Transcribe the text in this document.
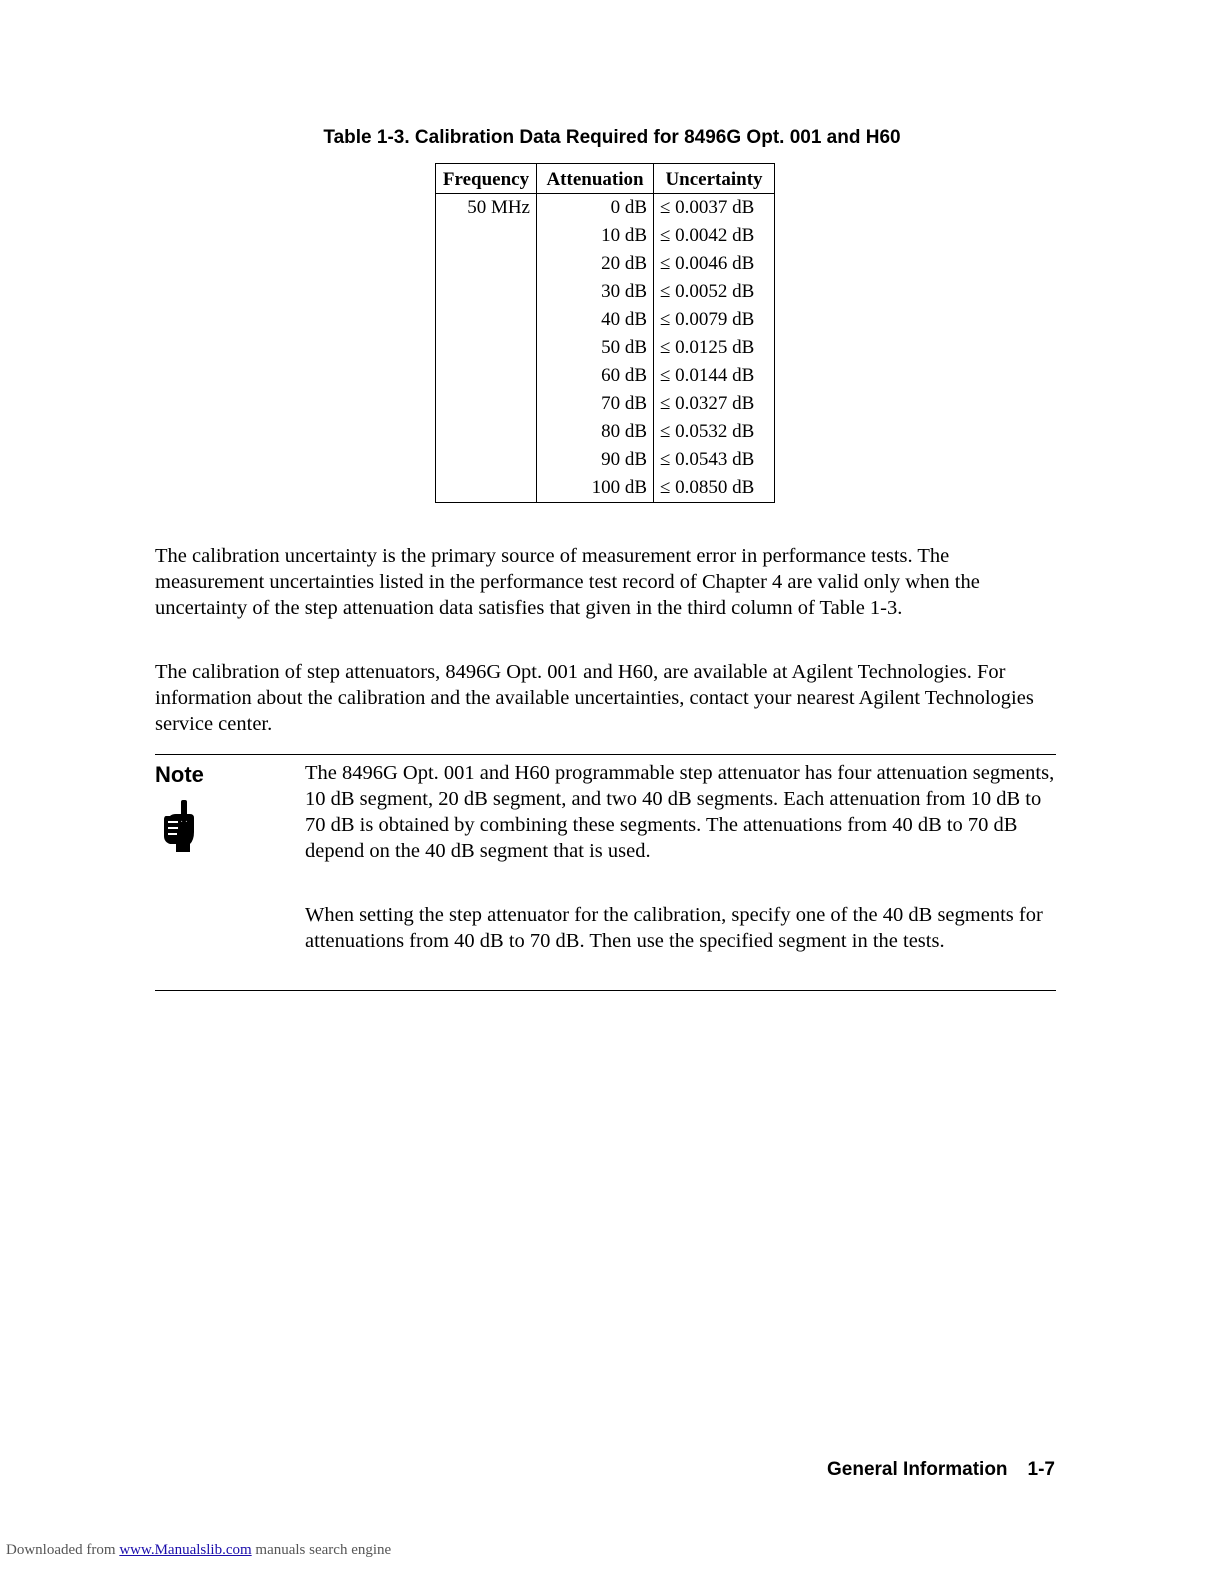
Table 1-3. Calibration Data Required for 8496G Opt. 001 and H60
Frequency	Attenuation	Uncertainty
50 MHz	0 dB	≤ 0.0037 dB
	10 dB	≤ 0.0042 dB
	20 dB	≤ 0.0046 dB
	30 dB	≤ 0.0052 dB
	40 dB	≤ 0.0079 dB
	50 dB	≤ 0.0125 dB
	60 dB	≤ 0.0144 dB
	70 dB	≤ 0.0327 dB
	80 dB	≤ 0.0532 dB
	90 dB	≤ 0.0543 dB
	100 dB	≤ 0.0850 dB

The calibration uncertainty is the primary source of measurement error in performance tests. The measurement uncertainties listed in the performance test record of Chapter 4 are valid only when the uncertainty of the step attenuation data satisfies that given in the third column of Table 1-3.

The calibration of step attenuators, 8496G Opt. 001 and H60, are available at Agilent Technologies. For information about the calibration and the available uncertainties, contact your nearest Agilent Technologies service center.

Note	The 8496G Opt. 001 and H60 programmable step attenuator has four attenuation segments, 10 dB segment, 20 dB segment, and two 40 dB segments. Each attenuation from 10 dB to 70 dB is obtained by combining these segments. The attenuations from 40 dB to 70 dB depend on the 40 dB segment that is used.

When setting the step attenuator for the calibration, specify one of the 40 dB segments for attenuations from 40 dB to 70 dB. Then use the specified segment in the tests.

General Information 1-7
Downloaded from www.Manualslib.com manuals search engine
